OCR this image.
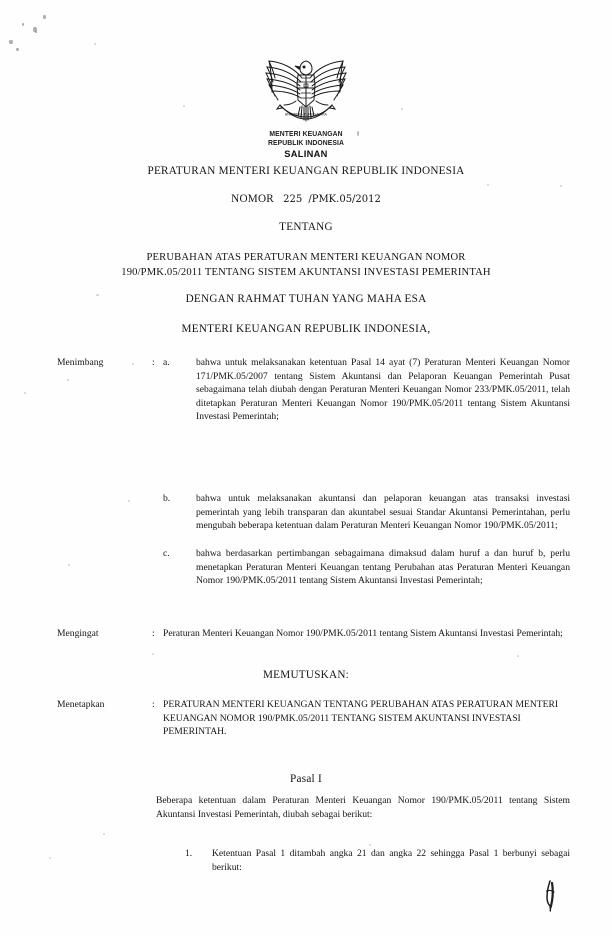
BHINNEKA TUNGGAL IKA
MENTERI KEUANGAN
REPUBLIK INDONESIA
SALINAN
PERATURAN MENTERI KEUANGAN REPUBLIK INDONESIA
NOMOR 225 /PMK.05/2012
TENTANG
PERUBAHAN ATAS PERATURAN MENTERI KEUANGAN NOMOR
190/PMK.05/2011 TENTANG SISTEM AKUNTANSI INVESTASI PEMERINTAH
DENGAN RAHMAT TUHAN YANG MAHA ESA
MENTERI KEUANGAN REPUBLIK INDONESIA,
Menimbang	: a.	bahwa untuk melaksanakan ketentuan Pasal 14 ayat (7) Peraturan Menteri Keuangan Nomor 171/PMK.05/2007 tentang Sistem Akuntansi dan Pelaporan Keuangan Pemerintah Pusat sebagaimana telah diubah dengan Peraturan Menteri Keuangan Nomor 233/PMK.05/2011, telah ditetapkan Peraturan Menteri Keuangan Nomor 190/PMK.05/2011 tentang Sistem Akuntansi Investasi Pemerintah;
b.	bahwa untuk melaksanakan akuntansi dan pelaporan keuangan atas transaksi investasi pemerintah yang lebih transparan dan akuntabel sesuai Standar Akuntansi Pemerintahan, perlu mengubah beberapa ketentuan dalam Peraturan Menteri Keuangan Nomor 190/PMK.05/2011;
c.	bahwa berdasarkan pertimbangan sebagaimana dimaksud dalam huruf a dan huruf b, perlu menetapkan Peraturan Menteri Keuangan tentang Perubahan atas Peraturan Menteri Keuangan Nomor 190/PMK.05/2011 tentang Sistem Akuntansi Investasi Pemerintah;
Mengingat	: Peraturan Menteri Keuangan Nomor 190/PMK.05/2011 tentang Sistem Akuntansi Investasi Pemerintah;
MEMUTUSKAN:
Menetapkan	: PERATURAN MENTERI KEUANGAN TENTANG PERUBAHAN ATAS PERATURAN MENTERI KEUANGAN NOMOR 190/PMK.05/2011 TENTANG SISTEM AKUNTANSI INVESTASI PEMERINTAH.
Pasal I
Beberapa ketentuan dalam Peraturan Menteri Keuangan Nomor 190/PMK.05/2011 tentang Sistem Akuntansi Investasi Pemerintah, diubah sebagai berikut:
1.	Ketentuan Pasal 1 ditambah angka 21 dan angka 22 sehingga Pasal 1 berbunyi sebagai berikut:
